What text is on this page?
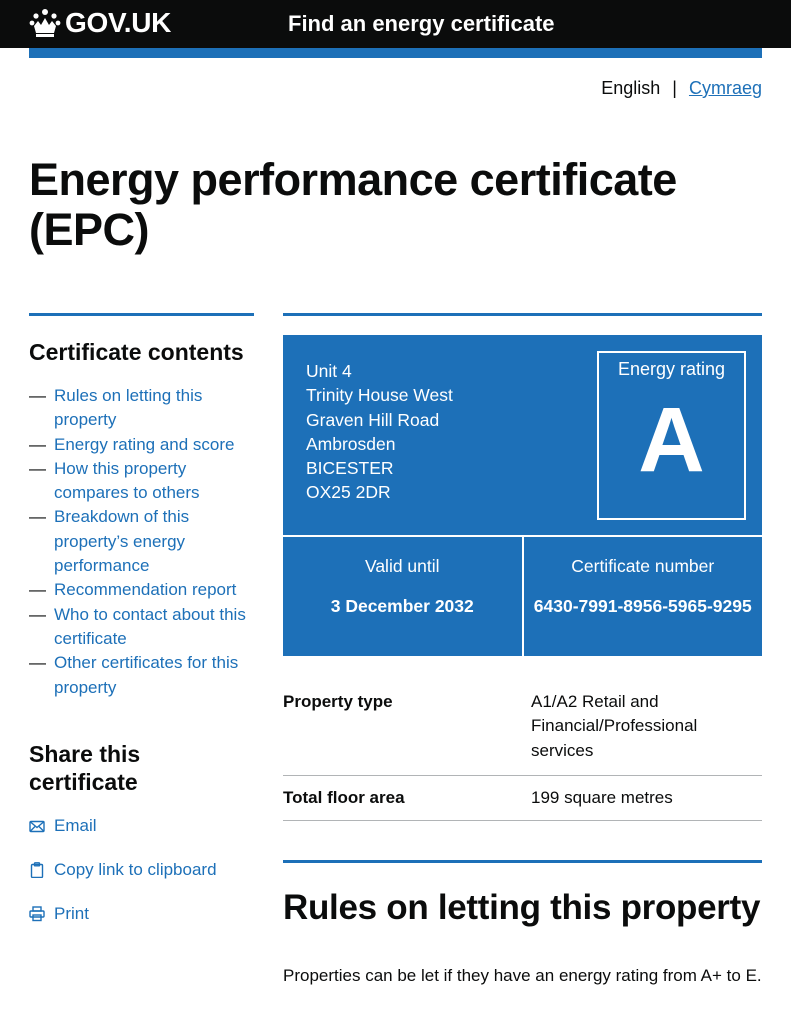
GOV.UK	Find an energy certificate
English | Cymraeg
Energy performance certificate (EPC)
Certificate contents
— Rules on letting this property
— Energy rating and score
— How this property compares to others
— Breakdown of this property’s energy performance
— Recommendation report
— Who to contact about this certificate
— Other certificates for this property
Share this certificate
Email
Copy link to clipboard
Print
Unit 4
Trinity House West
Graven Hill Road
Ambrosden
BICESTER
OX25 2DR
Energy rating
A
Valid until
3 December 2032
Certificate number
6430-7991-8956-5965-9295
Property type	A1/A2 Retail and Financial/Professional services
Total floor area	199 square metres
Rules on letting this property

Properties can be let if they have an energy rating from A+ to E.
